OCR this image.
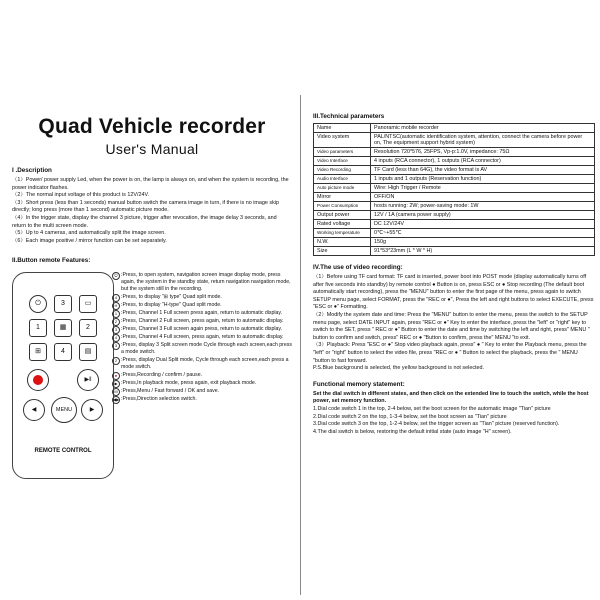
Quad Vehicle recorder
User's Manual
I .Description

（1）Power/ power supply Led, when the power is on, the lamp is always on, and when the system is recording, the power indicator flashes.

（2）The normal input voltage of this product is 12V/24V.

（3）Short press (less than 1 seconds) manual button switch the camera image in turn, if there is no image skip directly; long press (more than 1 second) automatic picture mode.

（4）In the trigger state, display the channel 3 picture, trigger after revocation, the image delay 3 seconds, and return to the multi screen mode.

（5）Up to 4 cameras, and automatically split the image screen.

（6）Each image positive / mirror function can be set separately.

II.Button remote Features:
⏻	3	▭
1	▦	2
⊞	4	▤
▶‖
◀	MENU	▶
REMOTE CONTROL

⏻ :Press, to open system, navigation screen image display mode, press again, the system in the standby state, return navigation navigation mode, but the system still in the recording.

4 :Press, to display "⊞ type" Quad split mode.

H :Press, to display "H-type" Quad split mode.

1 :Press, Channel 1 Full screen press again, return to automatic display.

2 :Press, Channel 2 Full screen, press again, return to automatic display.

3 :Press, Channel 3 Full screen again press, return to automatic display.

4 :Press, Channel 4 Full screen, press again, return to automatic display.

3 :Press, display 3 Split screen mode Cycle through each screen,each press a mode switch.

2 :Press, display Dual Split mode, Cycle through each screen,each press a mode switch.

● :Press,Recording / confirm / pause.

▶ :Press,In playback mode, press again, exit playback mode.

M :Press,Menu / Fast forward / OK and save.

◀▶ :Press,Direction selection switch.

III.Technical parameters
Name	Panoramic mobile recorder
Video system	PAL/NTSC(automatic identification system, attention, connect the camera before power on, The equipment support hybrid system)
Video parameters	Resolution 720*576, 25FPS, Vp-p:1.0V, impedance: 75Ω
Video Interface	4 inputs (RCA connector), 1 outputs (RCA connector)
Video Recording	TF Card (less than 64G), the video format is AV
Audio Interface	1 inputs and 1 outputs (Reservation function)
Auto picture mode	Wire: High Trigger / Remote
Mirror	OFF/ON
Power Consumption	hosts running: 2W; power-saving mode: 1W
Output power	12V / 1A (camera power supply)
Rated voltage	DC 12V/24V
Working temperature	0℃~+55℃
N.W.	150g
Size	91*53*23mm (L * W * H)
IV.The use of video recording:

（1）Before using TF card format: TF card is inserted, power boot into POST mode (display automatically turns off after five seconds into standby) by remote control ● Button is on, press ESC or ● Stop recording (The default boot automatically start recording), press the "MENU" button to enter the first page of the menu, press again to switch SETUP menu page, select FORMAT, press the "REC or ●", Press the left and right buttons to select EXECUTE, press "ESC or ●" Formatting.

（2）Modify the system date and time: Press the "MENU" button to enter the menu, press the switch to the SETUP menu page, select DATE INPUT again, press "REC or ●" Key to enter the interface, press the "left" or "right" key to switch to the SET, press " REC or ●" Button to enter the date and time by switching the left and right, press" MENU " button to confirm and switch, press" REC or ● "Button to confirm, press the" MENU "to exit.

（3）Playback: Press "ESC or ●" Stop video playback again, press" ● " Key to enter the Playback menu, press the "left" or "right" button to select the video file, press "REC or ● " Button to select the playback, press the " MENU "button to fast forward.

P.S.Blue background is selected, the yellow background is not selected.

Functional memory statement:

Set the dial switch in different states, and then click on the extended line to touch the switch, while the host power, set memory function.

1.Dial code switch 1 in the top, 2-4 below, set the boot screen for the automatic image "Tian" picture

2.Dial code switch 2 on the top, 1-3-4 below, set the boot screen as "Tian" picture

3.Dial code switch 3 on the top, 1-2-4 below, set the trigger screen as "Tian" picture (reserved function).

4.The dial switch is below, restoring the default initial state (auto image "H" screen).
